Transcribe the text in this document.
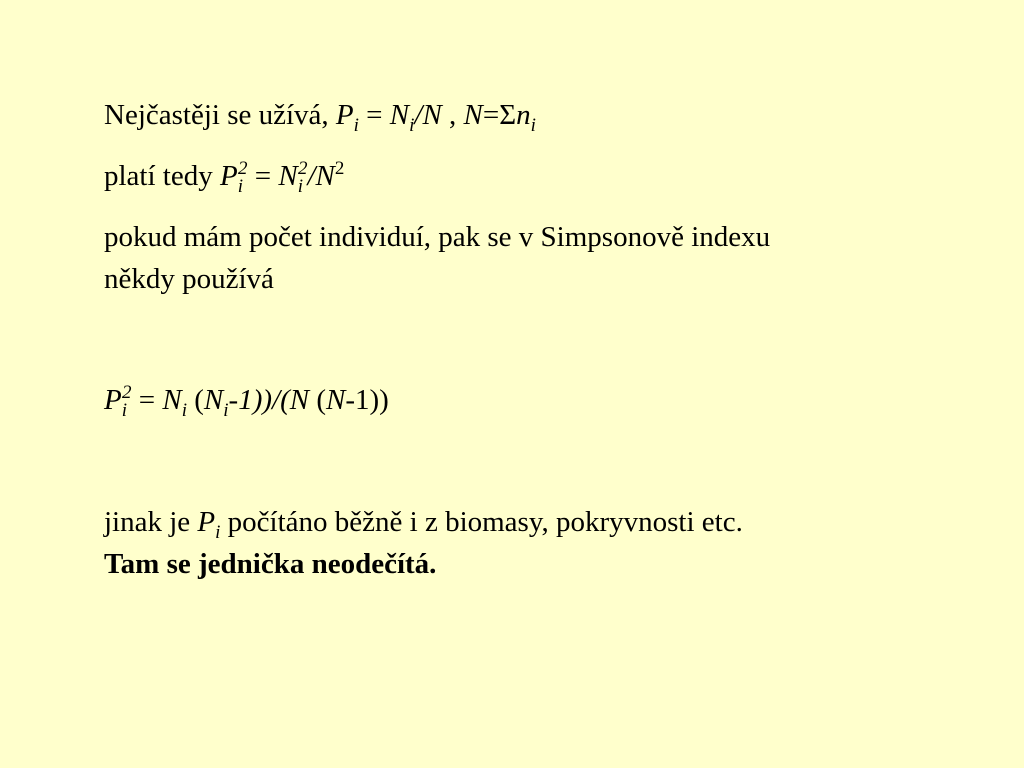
Nejčastěji se užívá, $P_i = N_i/N$ , $N=\Sigma n_i$
platí tedy $P_i^2 = N_i^2/N^2$
pokud mám počet individuí, pak se v Simpsonově indexu
někdy používá
$P_i^2 = N_i$ $(N_i-1))/(N$ (N-1))
jinak je $P_i$ počítáno běžně i z biomasy, pokryvnosti etc.
Tam se jednička neodečítá.
